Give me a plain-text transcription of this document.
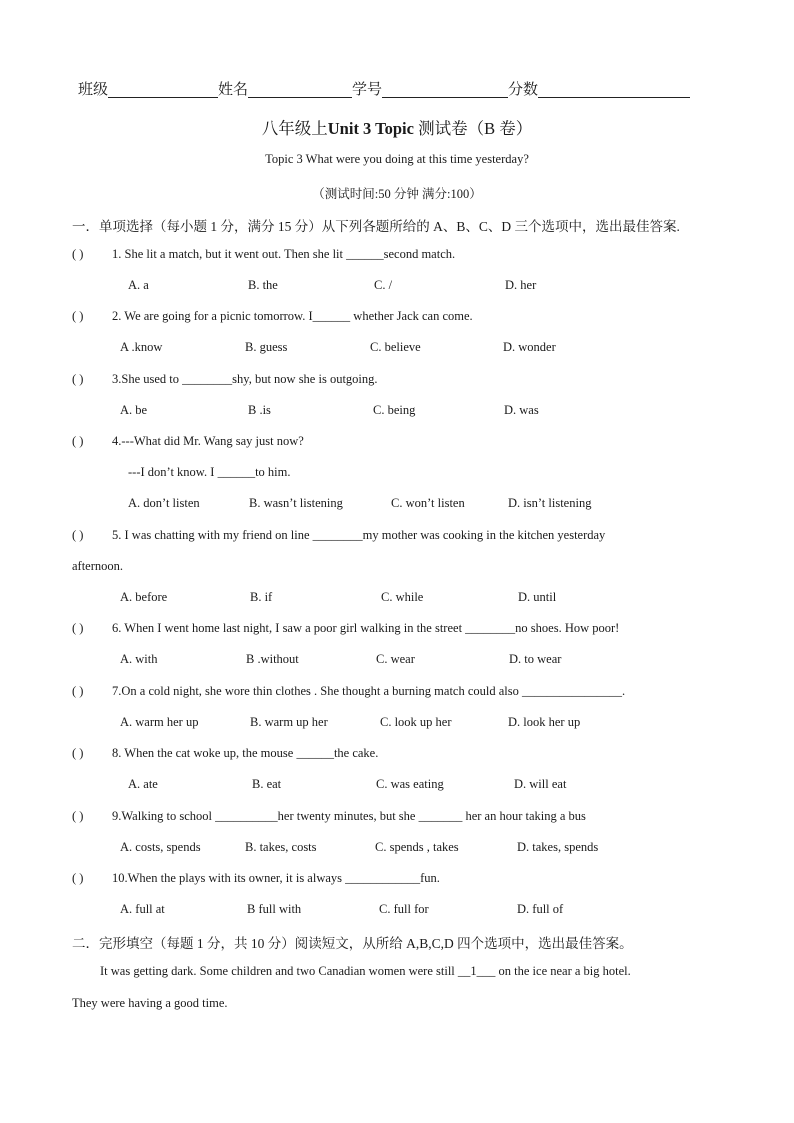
班级	姓名	学号	分数
八年级上Unit 3 Topic 测试卷（B 卷）
Topic 3 What were you doing at this time yesterday?
（测试时间:50 分钟 满分:100）
一．单项选择（每小题 1 分，满分 15 分）从下列各题所给的 A、B、C、D 三个选项中，选出最佳答案.
( ) 1. She lit a match, but it went out. Then she lit ______second match.
A. a	B. the	C. /	D. her
( ) 2. We are going for a picnic tomorrow. I______ whether Jack can come.
A .know	B. guess	C. believe	D. wonder
( ) 3.She used to ________shy, but now she is outgoing.
A. be	B .is	C. being	D. was
( ) 4.---What did Mr. Wang say just now?
---I don’t know. I ______to him.
A. don’t listen	B. wasn’t listening	C. won’t listen	D. isn’t listening
( ) 5. I was chatting with my friend on line ________my mother was cooking in the kitchen yesterday
afternoon.
A. before	B. if	C. while	D. until
( ) 6. When I went home last night, I saw a poor girl walking in the street ________no shoes. How poor!
A. with	B .without	C. wear	D. to wear
( ) 7.On a cold night, she wore thin clothes . She thought a burning match could also ________________.
A. warm her up	B. warm up her	C. look up her	D. look her up
( ) 8. When the cat woke up, the mouse ______the cake.
A. ate	B. eat	C. was eating	D. will eat
( ) 9.Walking to school __________her twenty minutes, but she _______ her an hour taking a bus
A. costs, spends	B. takes, costs	C. spends , takes	D. takes, spends
( ) 10.When the plays with its owner, it is always ____________fun.
A. full at	B full with	C. full for	D. full of
二．完形填空（每题 1 分，共 10 分）阅读短文，从所给 A,B,C,D 四个选项中，选出最佳答案。
It was getting dark. Some children and two Canadian women were still __1___ on the ice near a big hotel.
They were having a good time.
